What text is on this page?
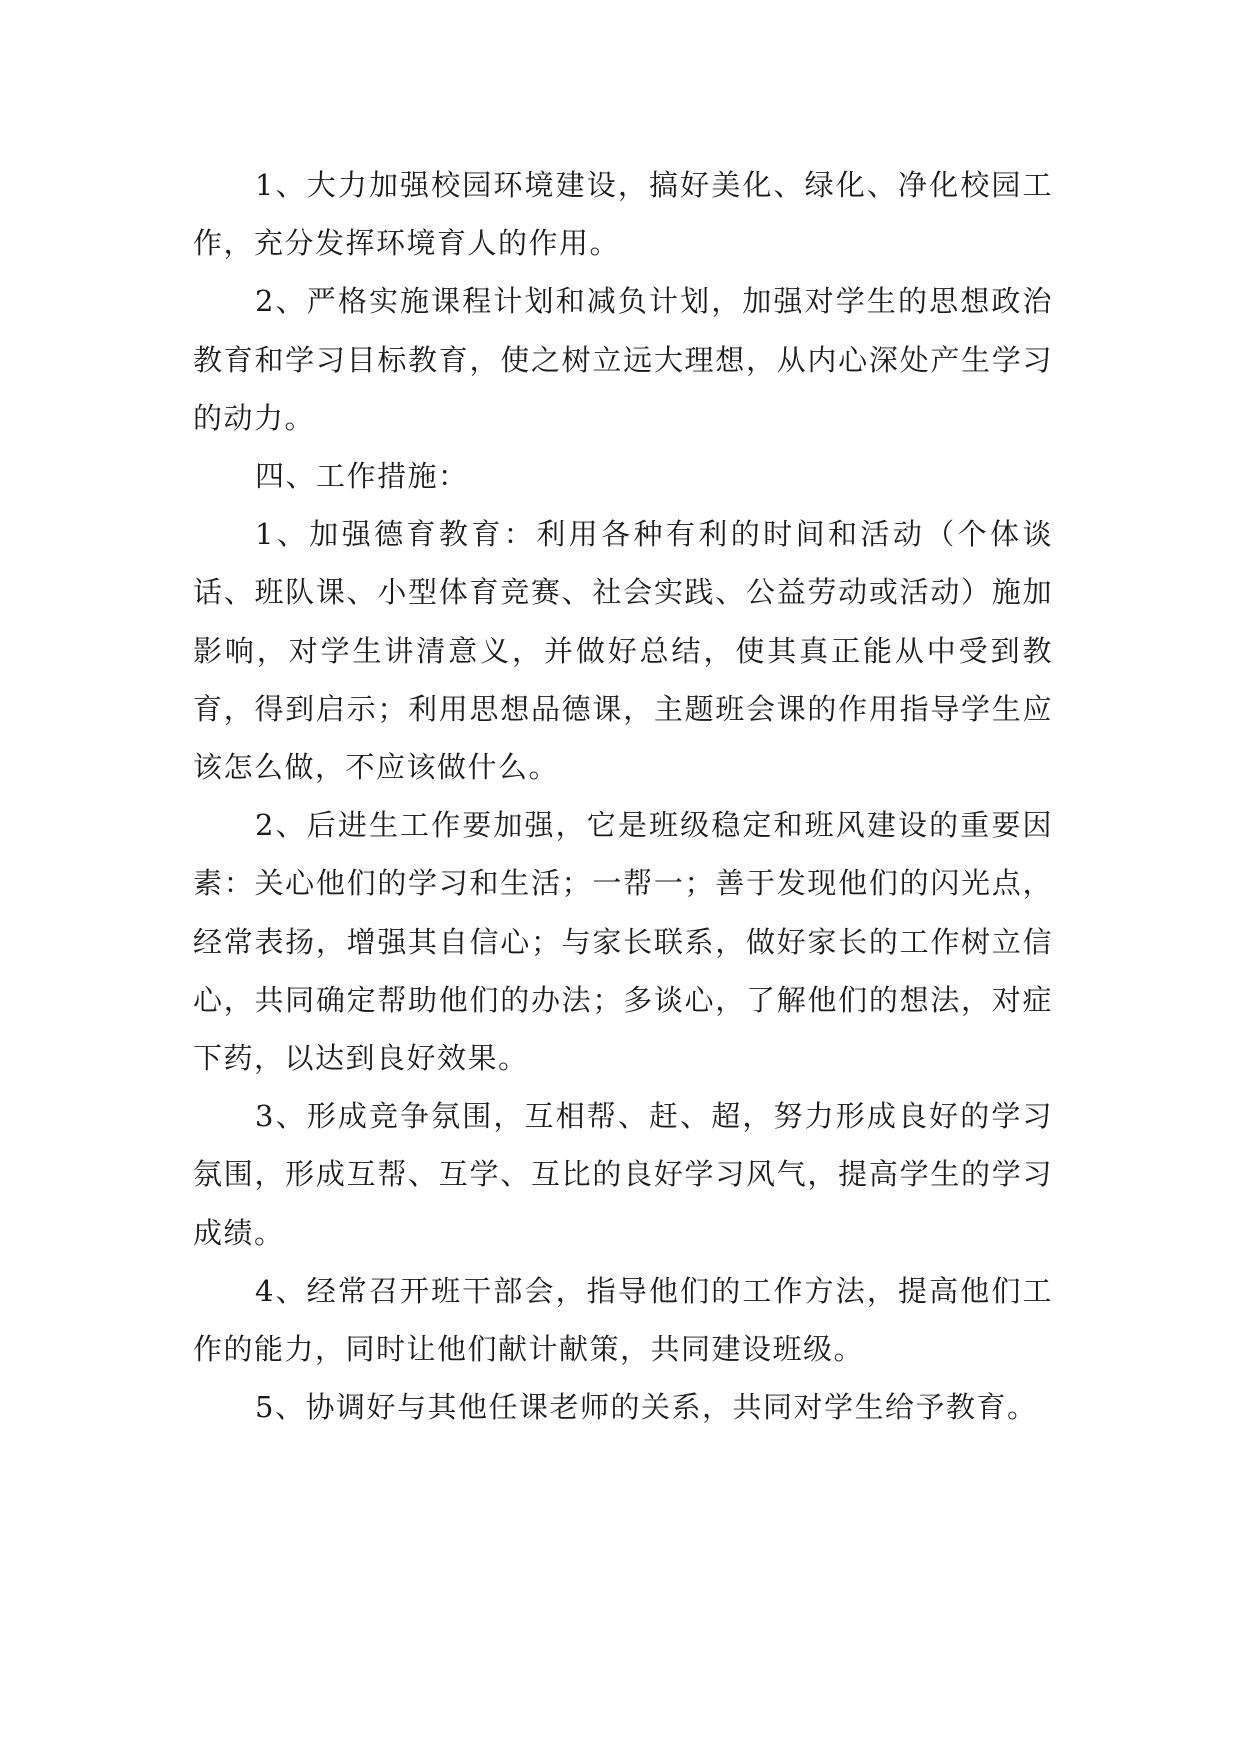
1、大力加强校园环境建设，搞好美化、绿化、净化校园工作，充分发挥环境育人的作用。

2、严格实施课程计划和减负计划，加强对学生的思想政治教育和学习目标教育，使之树立远大理想，从内心深处产生学习的动力。

四、工作措施：

1、加强德育教育：利用各种有利的时间和活动（个体谈话、班队课、小型体育竞赛、社会实践、公益劳动或活动）施加影响，对学生讲清意义，并做好总结，使其真正能从中受到教育，得到启示；利用思想品德课，主题班会课的作用指导学生应该怎么做，不应该做什么。

2、后进生工作要加强，它是班级稳定和班风建设的重要因素：关心他们的学习和生活；一帮一；善于发现他们的闪光点，经常表扬，增强其自信心；与家长联系，做好家长的工作树立信心，共同确定帮助他们的办法；多谈心，了解他们的想法，对症下药，以达到良好效果。

3、形成竞争氛围，互相帮、赶、超，努力形成良好的学习氛围，形成互帮、互学、互比的良好学习风气，提高学生的学习成绩。

4、经常召开班干部会，指导他们的工作方法，提高他们工作的能力，同时让他们献计献策，共同建设班级。

5、协调好与其他任课老师的关系，共同对学生给予教育。
